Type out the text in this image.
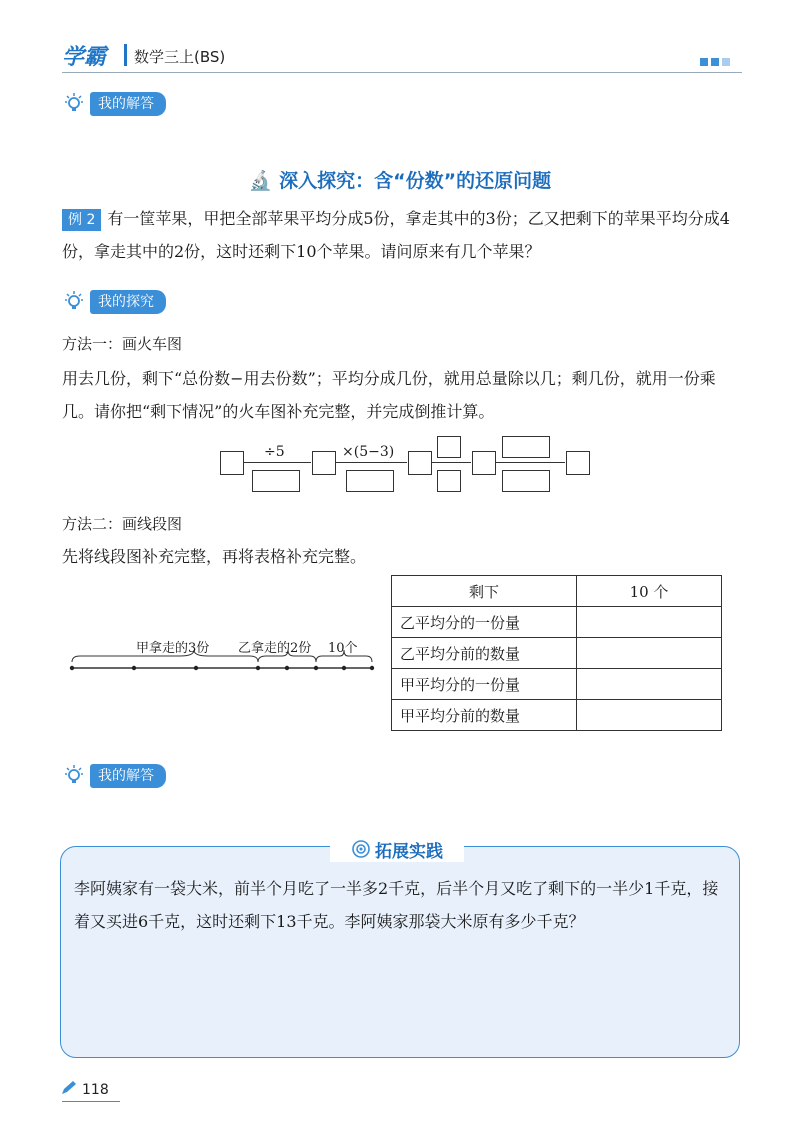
学霸 数学三上(BS)
我的解答
🔬 深入探究：含“份数”的还原问题
例 2 有一筐苹果，甲把全部苹果平均分成5份，拿走其中的3份；乙又把剩下的苹果平均分成4份，拿走其中的2份，这时还剩下10个苹果。请问原来有几个苹果？
我的探究
方法一：画火车图
用去几份，剩下“总份数−用去份数”；平均分成几份，就用总量除以几；剩几份，就用一份乘几。请你把“剩下情况”的火车图补充完整，并完成倒推计算。
÷5	×(5−3)
方法二：画线段图
先将线段图补充完整，再将表格补充完整。
甲拿走的3份 乙拿走的2份 10个
剩下	10 个
乙平均分的一份量	
乙平均分前的数量	
甲平均分的一份量	
甲平均分前的数量	
我的解答
拓展实践
李阿姨家有一袋大米，前半个月吃了一半多2千克，后半个月又吃了剩下的一半少1千克，接着又买进6千克，这时还剩下13千克。李阿姨家那袋大米原有多少千克？
118
